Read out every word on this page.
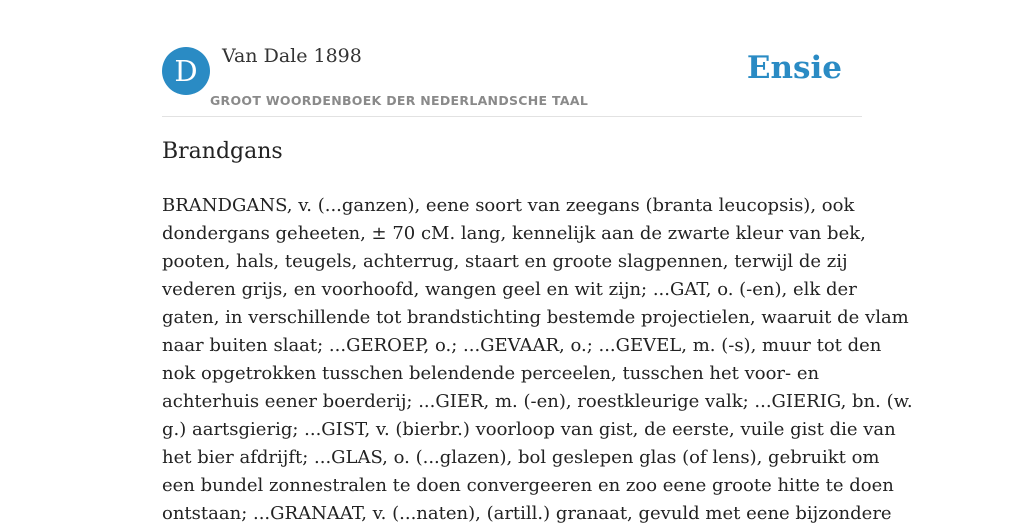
D	Van Dale 1898
GROOT WOORDENBOEK DER NEDERLANDSCHE TAAL
Ensie
Brandgans
BRANDGANS, v. (...ganzen), eene soort van zeegans (branta leucopsis), ook
dondergans geheeten, ± 70 cM. lang, kennelijk aan de zwarte kleur van bek,
pooten, hals, teugels, achterrug, staart en groote slagpennen, terwijl de zij
vederen grijs, en voorhoofd, wangen geel en wit zijn; ...GAT, o. (-en), elk der
gaten, in verschillende tot brandstichting bestemde projectielen, waaruit de vlam
naar buiten slaat; ...GEROEP, o.; ...GEVAAR, o.; ...GEVEL, m. (-s), muur tot den
nok opgetrokken tusschen belendende perceelen, tusschen het voor- en
achterhuis eener boerderij; ...GIER, m. (-en), roestkleurige valk; ...GIERIG, bn. (w.
g.) aartsgierig; ...GIST, v. (bierbr.) voorloop van gist, de eerste, vuile gist die van
het bier afdrijft; ...GLAS, o. (...glazen), bol geslepen glas (of lens), gebruikt om
een bundel zonnestralen te doen convergeeren en zoo eene groote hitte te doen
ontstaan; ...GRANAAT, v. (...naten), (artill.) granaat, gevuld met eene bijzondere
